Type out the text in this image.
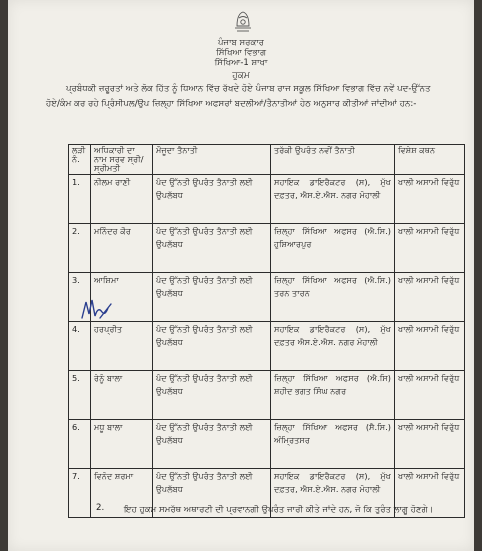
ਪੰਜਾਬ ਸਰਕਾਰ
ਸਿੱਖਿਆ ਵਿਭਾਗ
ਸਿੱਖਿਆ-1 ਸ਼ਾਖਾ
ਹੁਕਮ
ਪ੍ਰਬੰਧਕੀ ਜ਼ਰੂਰਤਾਂ ਅਤੇ ਲੋਕ ਹਿੱਤ ਨੂੰ ਧਿਆਨ ਵਿੱਚ ਰੱਖਦੇ ਹੋਏ ਪੰਜਾਬ ਰਾਜ ਸਕੂਲ ਸਿੱਖਿਆ ਵਿਭਾਗ ਵਿੱਚ ਨਵੇਂ ਪਦ-ਉੱਨਤ ਹੋਏ/ਕੰਮ ਕਰ ਰਹੇ ਪ੍ਰਿੰਸੀਪਲ/ਉਪ ਜ਼ਿਲ੍ਹਾ ਸਿੱਖਿਆ ਅਫਸਰਾਂ ਬਦਲੀਆਂ/ਤੈਨਾਤੀਆਂ ਹੇਠ ਅਨੁਸਾਰ ਕੀਤੀਆਂ ਜਾਂਦੀਆਂ ਹਨ:-
ਲੜੀ ਨੰ.	ਅਧਿਕਾਰੀ ਦਾ ਨਾਮ ਸਰਵ ਸ੍ਰੀ/ਸ੍ਰੀਮਤੀ	ਮੌਜੂਦਾ ਤੈਨਾਤੀ	ਤਰੱਕੀ ਉਪਰੰਤ ਨਵੀਂ ਤੈਨਾਤੀ	ਵਿਸ਼ੇਸ਼ ਕਥਨ
1.	ਨੀਲਮ ਰਾਣੀ	ਪੰਦ ਉੱਨਤੀ ਉਪਰੰਤ ਤੈਨਾਤੀ ਲਈ ਉਪਲੱਬਧ	ਸਹਾਇਕ ਡਾਇਰੈਕਟਰ (ਸ), ਮੁੱਖ ਦਫ਼ਤਰ, ਐਸ.ਏ.ਐਸ. ਨਗਰ ਮੋਹਾਲੀ	ਖਾਲੀ ਅਸਾਮੀ ਵਿਰੁੱਧ
2.	ਮਨਿੰਦਰ ਕੌਰ	ਪੰਦ ਉੱਨਤੀ ਉਪਰੰਤ ਤੈਨਾਤੀ ਲਈ ਉਪਲੱਬਧ	ਜ਼ਿਲ੍ਹਾ ਸਿੱਖਿਆ ਅਫਸਰ (ਐ.ਸਿ.) ਹੁਸ਼ਿਆਰਪੁਰ	ਖਾਲੀ ਅਸਾਮੀ ਵਿਰੁੱਧ
3.	ਆਸ਼ਿਮਾ	ਪੰਦ ਉੱਨਤੀ ਉਪਰੰਤ ਤੈਨਾਤੀ ਲਈ ਉਪਲੱਬਧ	ਜ਼ਿਲ੍ਹਾ ਸਿੱਖਿਆ ਅਫਸਰ (ਐ.ਸਿ.) ਤਰਨ ਤਾਰਨ	ਖਾਲੀ ਅਸਾਮੀ ਵਿਰੁੱਧ
4.	ਹਰਪ੍ਰੀਤ	ਪੰਦ ਉੱਨਤੀ ਉਪਰੰਤ ਤੈਨਾਤੀ ਲਈ ਉਪਲੱਬਧ	ਸਹਾਇਕ ਡਾਇਰੈਕਟਰ (ਸ), ਮੁੱਖ ਦਫ਼ਤਰ ਐਸ.ਏ.ਐਸ. ਨਗਰ ਮੋਹਾਲੀ	ਖਾਲੀ ਅਸਾਮੀ ਵਿਰੁੱਧ
5.	ਰੇਨੂੰ ਬਾਲਾ	ਪੰਦ ਉੱਨਤੀ ਉਪਰੰਤ ਤੈਨਾਤੀ ਲਈ ਉਪਲੱਬਧ	ਜ਼ਿਲ੍ਹਾ ਸਿੱਖਿਆ ਅਫਸਰ (ਐ.ਸਿ) ਸ਼ਹੀਦ ਭਗਤ ਸਿੰਘ ਨਗਰ	ਖਾਲੀ ਅਸਾਮੀ ਵਿਰੁੱਧ
6.	ਮਧੂ ਬਾਲਾ	ਪੰਦ ਉੱਨਤੀ ਉਪਰੰਤ ਤੈਨਾਤੀ ਲਈ ਉਪਲੱਬਧ	ਜ਼ਿਲ੍ਹਾ ਸਿੱਖਿਆ ਅਫਸਰ (ਸੈ.ਸਿ.) ਅੰਮ੍ਰਿਤਸਰ	ਖਾਲੀ ਅਸਾਮੀ ਵਿਰੁੱਧ
7.	ਵਿਨੋਦ ਸ਼ਰਮਾ	ਪੰਦ ਉੱਨਤੀ ਉਪਰੰਤ ਤੈਨਾਤੀ ਲਈ ਉਪਲੱਬਧ	ਸਹਾਇਕ ਡਾਇਰੈਕਟਰ (ਸ), ਮੁੱਖ ਦਫ਼ਤਰ, ਐਸ.ਏ.ਐਸ. ਨਗਰ ਮੋਹਾਲੀ	ਖਾਲੀ ਅਸਾਮੀ ਵਿਰੁੱਧ
2.	ਇਹ ਹੁਕਮ ਸਮਰੱਥ ਅਥਾਰਟੀ ਦੀ ਪ੍ਰਵਾਨਗੀ ਉਪਰੰਤ ਜਾਰੀ ਕੀਤੇ ਜਾਂਦੇ ਹਨ, ਜੋ ਕਿ ਤੁਰੰਤ ਲਾਗੂ ਹੋਣਗੇ।
